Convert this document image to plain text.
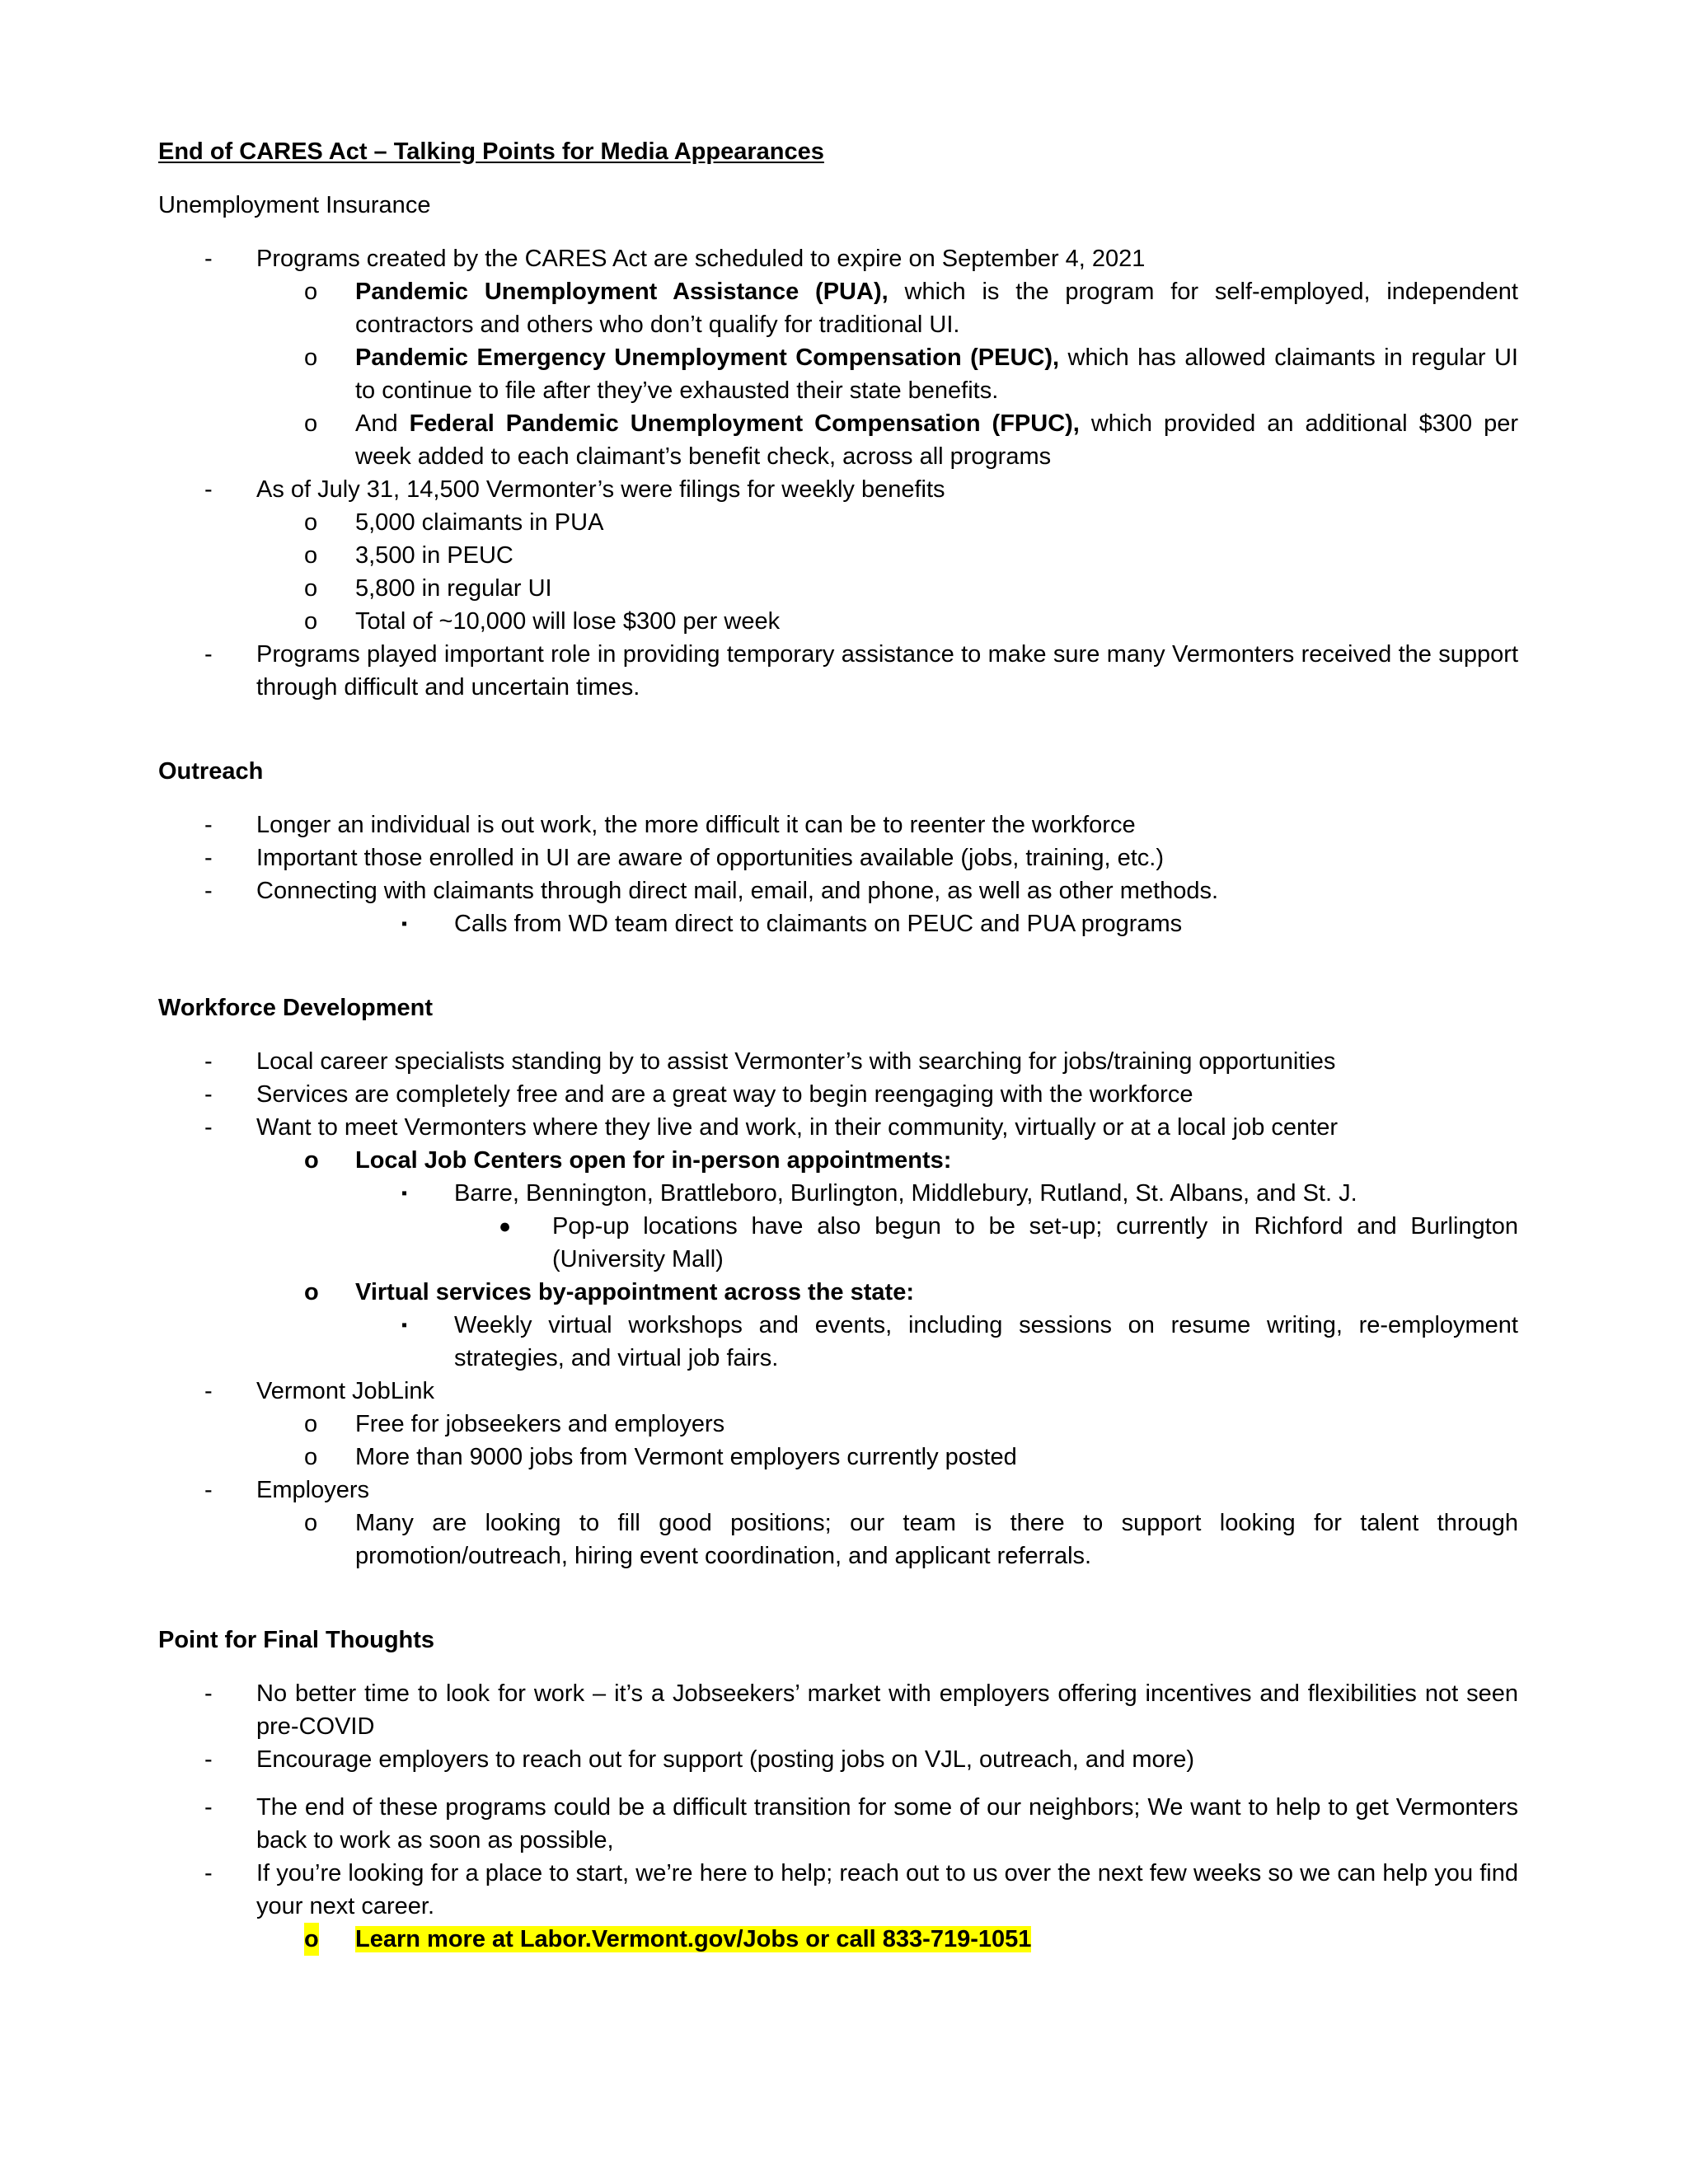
End of CARES Act – Talking Points for Media Appearances
Unemployment Insurance
- Programs created by the CARES Act are scheduled to expire on September 4, 2021
o Pandemic Unemployment Assistance (PUA), which is the program for self-employed, independent contractors and others who don’t qualify for traditional UI.
o Pandemic Emergency Unemployment Compensation (PEUC), which has allowed claimants in regular UI to continue to file after they’ve exhausted their state benefits.
o And Federal Pandemic Unemployment Compensation (FPUC), which provided an additional $300 per week added to each claimant’s benefit check, across all programs
- As of July 31, 14,500 Vermonter’s were filings for weekly benefits
o 5,000 claimants in PUA
o 3,500 in PEUC
o 5,800 in regular UI
o Total of ~10,000 will lose $300 per week
- Programs played important role in providing temporary assistance to make sure many Vermonters received the support through difficult and uncertain times.
Outreach
- Longer an individual is out work, the more difficult it can be to reenter the workforce
- Important those enrolled in UI are aware of opportunities available (jobs, training, etc.)
- Connecting with claimants through direct mail, email, and phone, as well as other methods.
▪ Calls from WD team direct to claimants on PEUC and PUA programs
Workforce Development
- Local career specialists standing by to assist Vermonter’s with searching for jobs/training opportunities
- Services are completely free and are a great way to begin reengaging with the workforce
- Want to meet Vermonters where they live and work, in their community, virtually or at a local job center
o Local Job Centers open for in-person appointments:
▪ Barre, Bennington, Brattleboro, Burlington, Middlebury, Rutland, St. Albans, and St. J.
● Pop-up locations have also begun to be set-up; currently in Richford and Burlington (University Mall)
o Virtual services by-appointment across the state:
▪ Weekly virtual workshops and events, including sessions on resume writing, re-employment strategies, and virtual job fairs.
- Vermont JobLink
o Free for jobseekers and employers
o More than 9000 jobs from Vermont employers currently posted
- Employers
o Many are looking to fill good positions; our team is there to support looking for talent through promotion/outreach, hiring event coordination, and applicant referrals.
Point for Final Thoughts
- No better time to look for work – it’s a Jobseekers’ market with employers offering incentives and flexibilities not seen pre-COVID
- Encourage employers to reach out for support (posting jobs on VJL, outreach, and more)
- The end of these programs could be a difficult transition for some of our neighbors; We want to help to get Vermonters back to work as soon as possible,
- If you’re looking for a place to start, we’re here to help; reach out to us over the next few weeks so we can help you find your next career.
o Learn more at Labor.Vermont.gov/Jobs or call 833-719-1051
